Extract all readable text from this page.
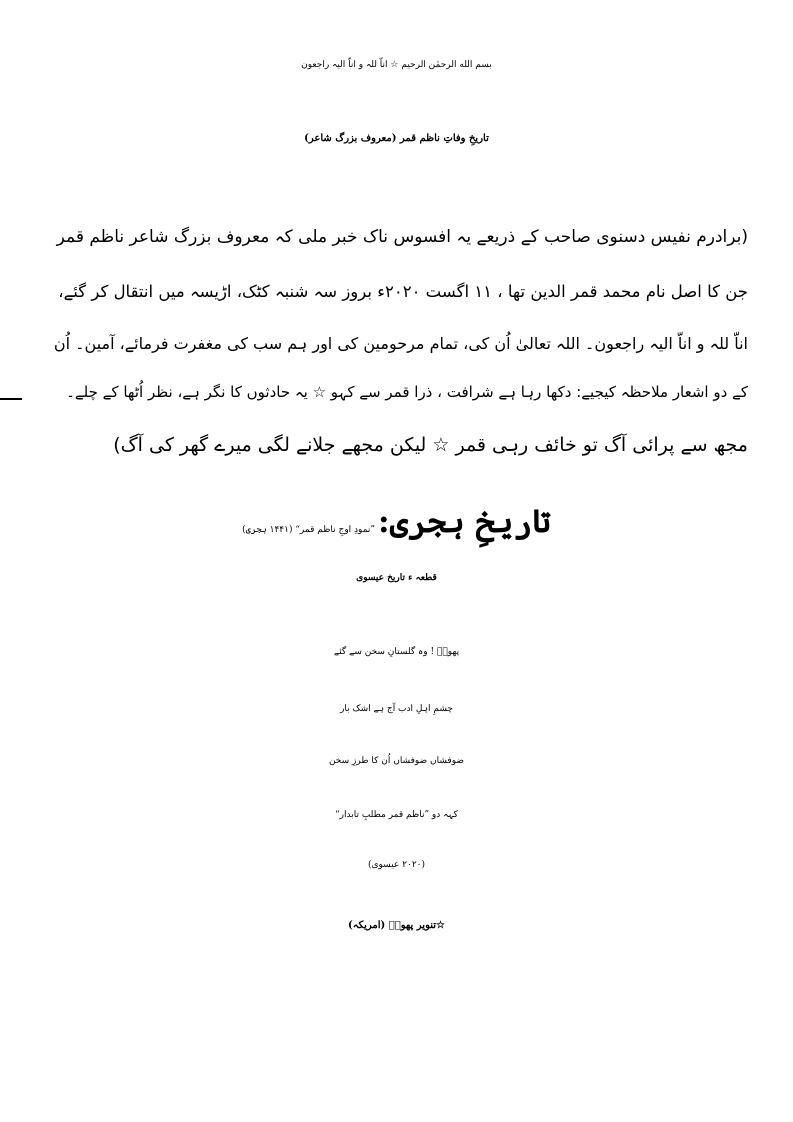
بسم الله الرحمٰن الرحیم ☆ اناّ للہ و اناّ الیہ راجعون
تاریخِ وفاتِ ناظم قمر (معروف بزرگ شاعر)
(برادرم نفیس دسنوی صاحب کے ذریعے یہ افسوس ناک خبر ملی کہ معروف بزرگ شاعر ناظم قمر
جن کا اصل نام محمد قمر الدین تھا ، ۱۱ اگست ۲۰۲۰ء بروز سہ شنبہ کٹک، اڑیسہ میں انتقال کر گئے،
اناّ للہ و اناّ الیہ راجعون۔ اللہ تعالیٰ اُن کی، تمام مرحومین کی اور ہم سب کی مغفرت فرمائے، آمین۔ اُن
کے دو اشعار ملاحظہ کیجیے: دکھا رہا ہے شرافت ، ذرا قمر سے کہو ☆ یہ حادثوں کا نگر ہے، نظر اُٹھا کے چلے۔
مجھ سے پرائی آگ تو خائف رہی قمر ☆ لیکن مجھے جلانے لگی میرے گھر کی آگ)
تاریخِ ہجری: ”نمودِ اوجِ ناظم قمر“ (۱۴۴۱ ہجری)
قطعہ ء تاریخ عیسوی
پھولؔ ! وہ گلستانِ سخن سے گئے
چشمِ اہلِ ادب آج ہے اشک بار
ضوفشاں ضوفشاں اُن کا طرزِ سخن
کہہ دو ”ناظم قمر مطلبِ تابدار“
(۲۰۲۰ عیسوی)
☆تنویر پھولؔ (امریکہ)
